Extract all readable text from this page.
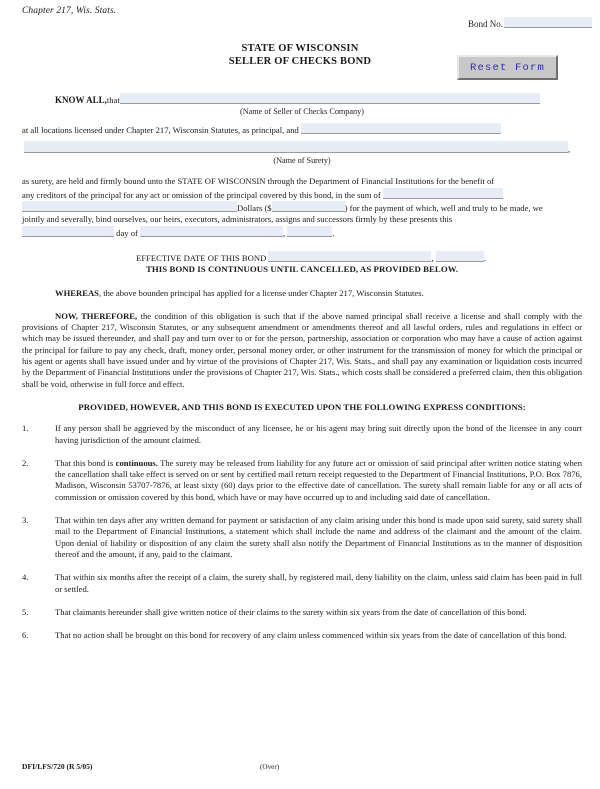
Chapter 217, Wis. Stats.
Bond No.
STATE OF WISCONSIN
SELLER OF CHECKS BOND	Reset Form
KNOW ALL,that
(Name of Seller of Checks Company)
at all locations licensed under Chapter 217, Wisconsin Statutes, as principal, and
,
(Name of Surety)
as surety, are held and firmly bound unto the STATE OF WISCONSIN through the Department of Financial Institutions for the benefit of
any creditors of the principal for any act or omission of the principal covered by this bond, in the sum of
Dollars ($	) for the payment of which, well and truly to be made, we
jointly and severally, bind ourselves, our heirs, executors, administrators, assigns and successors firmly by these presents this
day of	,	.
EFFECTIVE DATE OF THIS BOND	,	.
THIS BOND IS CONTINUOUS UNTIL CANCELLED, AS PROVIDED BELOW.
WHEREAS, the above bounden principal has applied for a license under Chapter 217, Wisconsin Statutes.

NOW, THEREFORE, the condition of this obligation is such that if the above named principal shall receive a license and shall comply with the provisions of Chapter 217, Wisconsin Statutes, or any subsequent amendment or amendments thereof and all lawful orders, rules and regulations in effect or which may be issued thereunder, and shall pay and turn over to or for the person, partnership, association or corporation who may have a cause of action against the principal for failure to pay any check, draft, money order, personal money order, or other instrument for the transmission of money for which the principal or his agent or agents shall have issued under and by virtue of the provisions of Chapter 217, Wis. Stats., and shall pay any examination or liquidation costs incurred by the Department of Financial Institutions under the provisions of Chapter 217, Wis. Stats., which costs shall be considered a preferred claim, then this obligation shall be void, otherwise in full force and effect.

PROVIDED, HOWEVER, AND THIS BOND IS EXECUTED UPON THE FOLLOWING EXPRESS CONDITIONS:
1.	If any person shall be aggrieved by the misconduct of any licensee, he or his agent may bring suit directly upon the bond of the licensee in any court having jurisdiction of the amount claimed.
2.	That this bond is continuous. The surety may be released from liability for any future act or omission of said principal after written notice stating when the cancellation shall take effect is served on or sent by certified mail return receipt requested to the Department of Financial Institutions, P.O. Box 7876, Madison, Wisconsin 53707-7876, at least sixty (60) days prior to the effective date of cancellation. The surety shall remain liable for any or all acts of commission or omission covered by this bond, which have or may have occurred up to and including said date of cancellation.
3.	That within ten days after any written demand for payment or satisfaction of any claim arising under this bond is made upon said surety, said surety shall mail to the Department of Financial Institutions, a statement which shall include the name and address of the claimant and the amount of the claim. Upon denial of liability or disposition of any claim the surety shall also notify the Department of Financial Institutions as to the manner of disposition thereof and the amount, if any, paid to the claimant.
4.	That within six months after the receipt of a claim, the surety shall, by registered mail, deny liability on the claim, unless said claim has been paid in full or settled.
5.	That claimants hereunder shall give written notice of their claims to the surety within six years from the date of cancellation of this bond.
6.	That no action shall be brought on this bond for recovery of any claim unless commenced within six years from the date of cancellation of this bond.
DFI/LFS/720 (R 5/05)	(Over)
